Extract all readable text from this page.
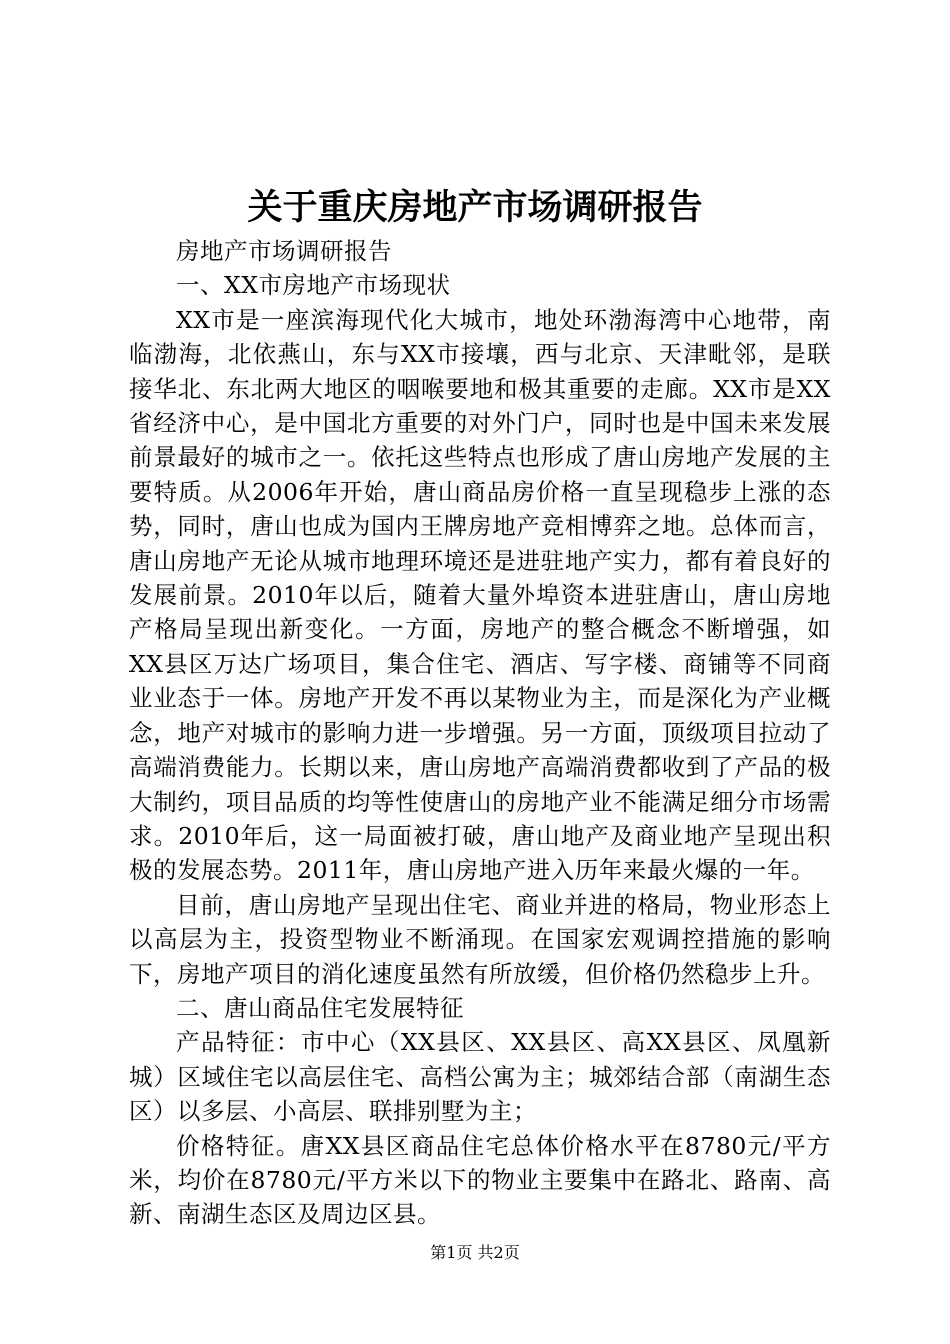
关于重庆房地产市场调研报告

房地产市场调研报告

一、XX市房地产市场现状

XX市是一座滨海现代化大城市，地处环渤海湾中心地带，南临渤海，北依燕山，东与XX市接壤，西与北京、天津毗邻，是联接华北、东北两大地区的咽喉要地和极其重要的走廊。XX市是XX省经济中心，是中国北方重要的对外门户，同时也是中国未来发展前景最好的城市之一。依托这些特点也形成了唐山房地产发展的主要特质。从2006年开始，唐山商品房价格一直呈现稳步上涨的态势，同时，唐山也成为国内王牌房地产竞相博弈之地。总体而言，唐山房地产无论从城市地理环境还是进驻地产实力，都有着良好的发展前景。2010年以后，随着大量外埠资本进驻唐山，唐山房地产格局呈现出新变化。一方面，房地产的整合概念不断增强，如XX县区万达广场项目，集合住宅、酒店、写字楼、商铺等不同商业业态于一体。房地产开发不再以某物业为主，而是深化为产业概念，地产对城市的影响力进一步增强。另一方面，顶级项目拉动了高端消费能力。长期以来，唐山房地产高端消费都收到了产品的极大制约，项目品质的均等性使唐山的房地产业不能满足细分市场需求。2010年后，这一局面被打破，唐山地产及商业地产呈现出积极的发展态势。2011年，唐山房地产进入历年来最火爆的一年。

目前，唐山房地产呈现出住宅、商业并进的格局，物业形态上以高层为主，投资型物业不断涌现。在国家宏观调控措施的影响下，房地产项目的消化速度虽然有所放缓，但价格仍然稳步上升。

二、唐山商品住宅发展特征

产品特征：市中心（XX县区、XX县区、高XX县区、凤凰新城）区域住宅以高层住宅、高档公寓为主；城郊结合部（南湖生态区）以多层、小高层、联排别墅为主；

价格特征。唐XX县区商品住宅总体价格水平在8780元/平方米，均价在8780元/平方米以下的物业主要集中在路北、路南、高新、南湖生态区及周边区县。

第1页 共2页
